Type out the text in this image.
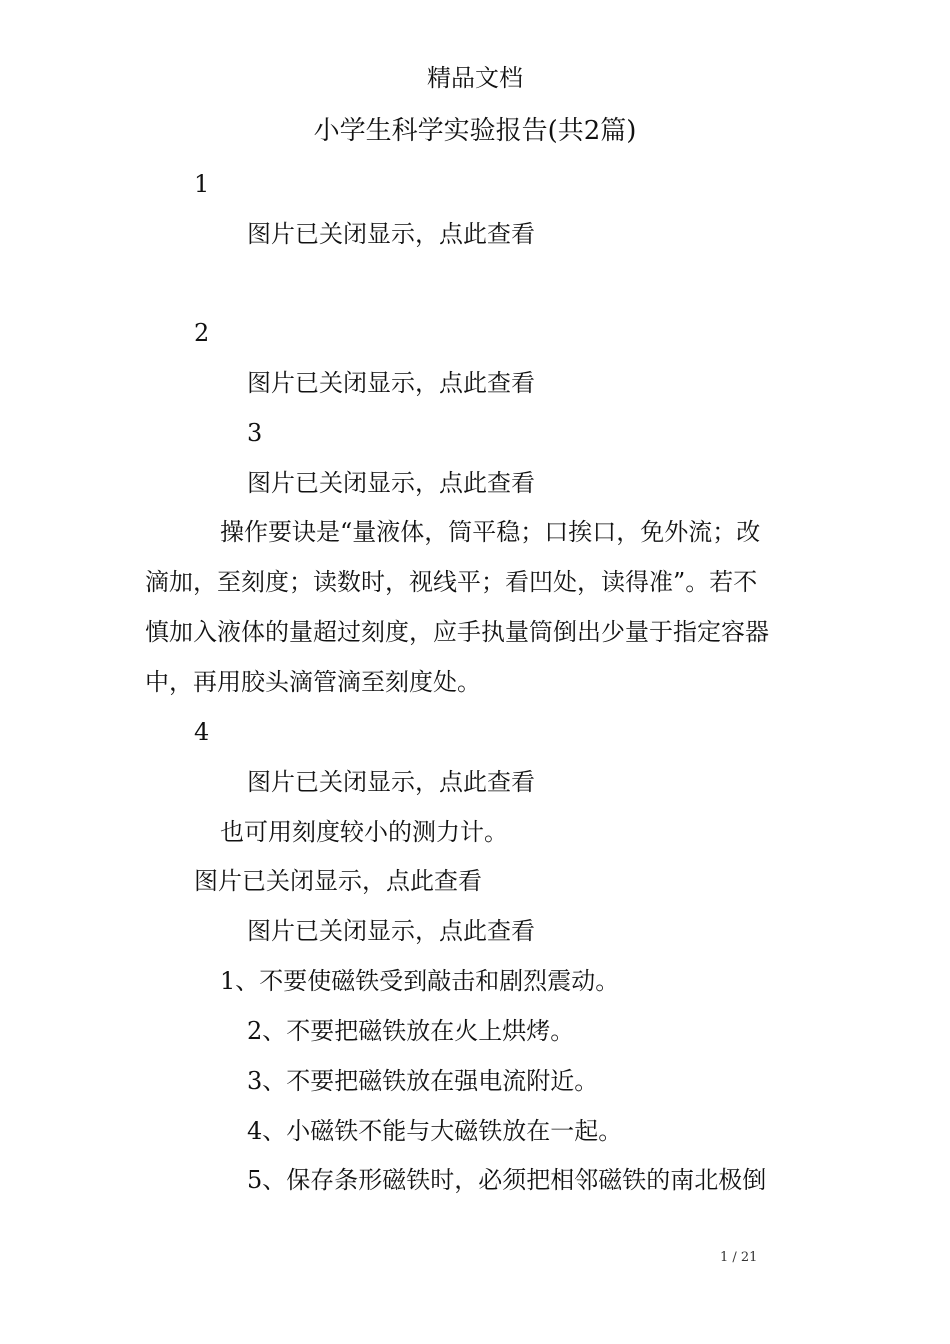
精品文档
小学生科学实验报告(共2篇)
1
图片已关闭显示，点此查看
2
图片已关闭显示，点此查看
3
图片已关闭显示，点此查看
操作要诀是“量液体，筒平稳；口挨口，免外流；改
滴加，至刻度；读数时，视线平；看凹处，读得准”。若不
慎加入液体的量超过刻度，应手执量筒倒出少量于指定容器
中，再用胶头滴管滴至刻度处。
4
图片已关闭显示，点此查看
也可用刻度较小的测力计。
图片已关闭显示，点此查看
图片已关闭显示，点此查看
1、不要使磁铁受到敲击和剧烈震动。
2、不要把磁铁放在火上烘烤。
3、不要把磁铁放在强电流附近。
4、小磁铁不能与大磁铁放在一起。
5、保存条形磁铁时，必须把相邻磁铁的南北极倒
1 / 21
